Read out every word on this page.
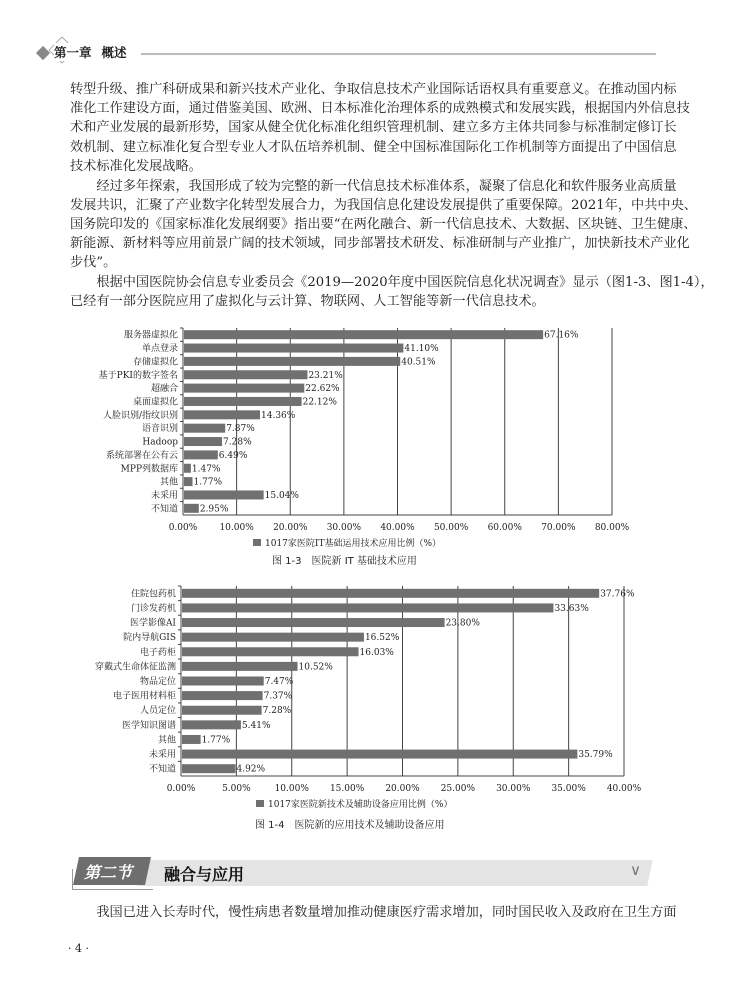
第一章 概述
转型升级、推广科研成果和新兴技术产业化、争取信息技术产业国际话语权具有重要意义。在推动国内标
准化工作建设方面，通过借鉴美国、欧洲、日本标准化治理体系的成熟模式和发展实践，根据国内外信息技
术和产业发展的最新形势，国家从健全优化标准化组织管理机制、建立多方主体共同参与标准制定修订长
效机制、建立标准化复合型专业人才队伍培养机制、健全中国标准国际化工作机制等方面提出了中国信息
技术标准化发展战略。
　　经过多年探索，我国形成了较为完整的新一代信息技术标准体系，凝聚了信息化和软件服务业高质量
发展共识，汇聚了产业数字化转型发展合力，为我国信息化建设发展提供了重要保障。2021年，中共中央、
国务院印发的《国家标准化发展纲要》指出要“在两化融合、新一代信息技术、大数据、区块链、卫生健康、
新能源、新材料等应用前景广阔的技术领域，同步部署技术研发、标准研制与产业推广，加快新技术产业化
步伐”。
　　根据中国医院协会信息专业委员会《2019—2020年度中国医院信息化状况调查》显示（图1-3、图1-4），
已经有一部分医院应用了虚拟化与云计算、物联网、人工智能等新一代信息技术。
0.00% 10.00% 20.00% 30.00% 40.00% 50.00% 60.00% 70.00% 80.00%
服务器虚拟化	67.16%
单点登录	41.10%
存储虚拟化	40.51%
基于PKI的数字签名	23.21%
超融合	22.62%
桌面虚拟化	22.12%
人脸识别/指纹识别	14.36%
语音识别	7.87%
Hadoop	7.28%
系统部署在公有云	6.49%
MPP列数据库 1.47%
其他 1.77%
未采用	15.04%
不知道 2.95%
1017家医院IT基础运用技术应用比例（%）
0.00%	5.00%	10.00% 15.00% 20.00% 25.00% 30.00% 35.00% 40.00%
住院包药机	37.76%
门诊发药机	33.63%
医学影像AI	23.80%
院内导航GIS	16.52%
电子药柜	16.03%
穿戴式生命体征监测	10.52%
物品定位	7.47%
电子医用材料柜	7.37%
人员定位	7.28%
医学知识图谱	5.41%
其他	1.77%
未采用	35.79%
不知道	4.92%
1017家医院新技术及辅助设备应用比例（%）
图 1-3　医院新 IT 基础技术应用
图 1-4　医院新的应用技术及辅助设备应用
第二节 融合与应用	∨
　　我国已进入长寿时代，慢性病患者数量增加推动健康医疗需求增加，同时国民收入及政府在卫生方面
· 4 ·
